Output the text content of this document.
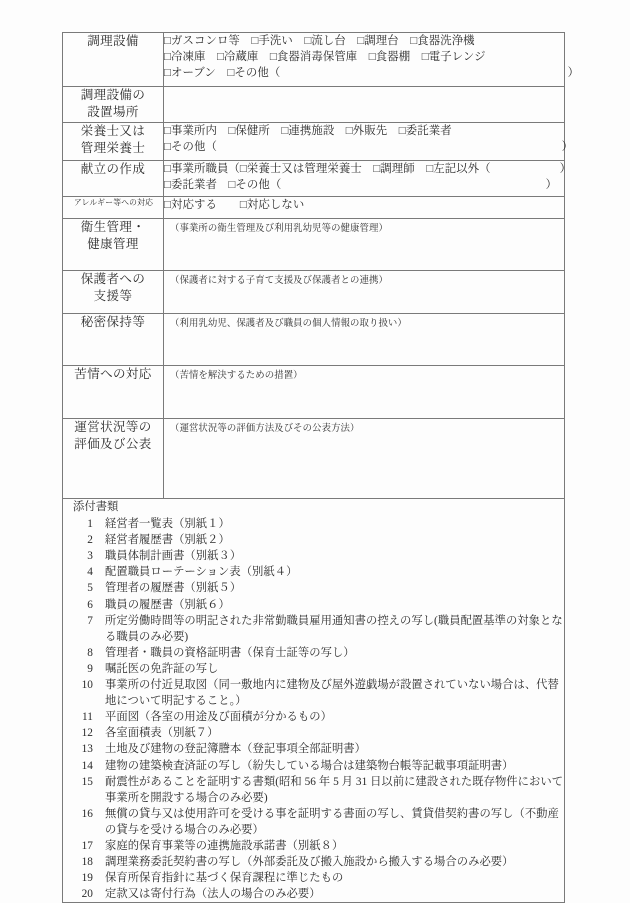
調理設備	□ガスコンロ等　□手洗い　□流し台　□調理台　□食器洗浄機
□冷凍庫　□冷蔵庫　□食器消毒保管庫　□食器棚　□電子レンジ
□オーブン　□その他（　　　　　　　　　　　　　　　　　　　　　　　　　）

調理設備の
設置場所	

栄養士又は
管理栄養士	□事業所内　□保健所　□連携施設　□外販先　□委託業者
□その他（　　　　　　　　　　　　　　　　　　　　　　　　　　　　　　）

献立の作成	□事業所職員（□栄養士又は管理栄養士　□調理師　□左記以外（　　　　　　）
□委託業者　□その他（　　　　　　　　　　　　　　　　　　　　　　　）

アレルギー等への対応	□対応する　　□対応しない

衛生管理・
健康管理	（事業所の衛生管理及び利用乳幼児等の健康管理）

保護者への
支援等	（保護者に対する子育て支援及び保護者との連携）

秘密保持等	（利用乳幼児、保護者及び職員の個人情報の取り扱い）

苦情への対応	（苦情を解決するための措置）

運営状況等の
評価及び公表	（運営状況等の評価方法及びその公表方法）

添付書類
1 経営者一覧表（別紙１）
2 経営者履歴書（別紙２）
3 職員体制計画書（別紙３）
4 配置職員ローテーション表（別紙４）
5 管理者の履歴書（別紙５）
6 職員の履歴書（別紙６）
7 所定労働時間等の明記された非常勤職員雇用通知書の控えの写し(職員配置基準の対象となる職員のみ必要)
8 管理者・職員の資格証明書（保育士証等の写し）
9 嘱託医の免許証の写し
10 事業所の付近見取図（同一敷地内に建物及び屋外遊戯場が設置されていない場合は、代替地について明記すること。）
11 平面図（各室の用途及び面積が分かるもの）
12 各室面積表（別紙７）
13 土地及び建物の登記簿謄本（登記事項全部証明書）
14 建物の建築検査済証の写し（紛失している場合は建築物台帳等記載事項証明書）
15 耐震性があることを証明する書類(昭和 56 年 5 月 31 日以前に建設された既存物件において事業所を開設する場合のみ必要)
16 無償の貸与又は使用許可を受ける事を証明する書面の写し、賃貸借契約書の写し（不動産の貸与を受ける場合のみ必要）
17 家庭的保育事業等の連携施設承諾書（別紙８）
18 調理業務委託契約書の写し（外部委託及び搬入施設から搬入する場合のみ必要）
19 保育所保育指針に基づく保育課程に準じたもの
20 定款又は寄付行為（法人の場合のみ必要）
